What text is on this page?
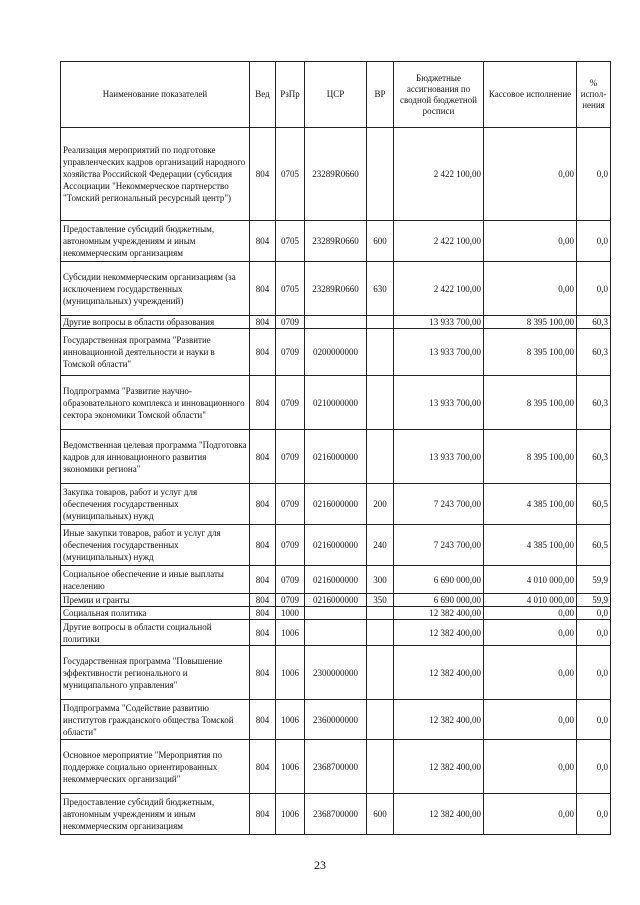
Наименование показателей	Вед	РзПр	ЦСР	ВР	Бюджетные ассигнования по сводной бюджетной росписи	Кассовое исполнение	% испол-нения
Реализация мероприятий по подготовке управленческих кадров организаций народного хозяйства Российской Федерации (субсидия Ассоциации "Некоммерческое партнерство "Томский региональный ресурсный центр")	804	0705	23289R0660		2 422 100,00	0,00	0,0
Предоставление субсидий бюджетным, автономным учреждениям и иным некоммерческим организациям	804	0705	23289R0660	600	2 422 100,00	0,00	0,0
Субсидии некоммерческим организациям (за исключением государственных (муниципальных) учреждений)	804	0705	23289R0660	630	2 422 100,00	0,00	0,0
Другие вопросы в области образования	804	0709			13 933 700,00	8 395 100,00	60,3
Государственная программа "Развитие инновационной деятельности и науки в Томской области"	804	0709	0200000000		13 933 700,00	8 395 100,00	60,3
Подпрограмма "Развитие научно-образовательного комплекса и инновационного сектора экономики Томской области"	804	0709	0210000000		13 933 700,00	8 395 100,00	60,3
Ведомственная целевая программа "Подготовка кадров для инновационного развития экономики региона"	804	0709	0216000000		13 933 700,00	8 395 100,00	60,3
Закупка товаров, работ и услуг для обеспечения государственных (муниципальных) нужд	804	0709	0216000000	200	7 243 700,00	4 385 100,00	60,5
Иные закупки товаров, работ и услуг для обеспечения государственных (муниципальных) нужд	804	0709	0216000000	240	7 243 700,00	4 385 100,00	60,5
Социальное обеспечение и иные выплаты населению	804	0709	0216000000	300	6 690 000,00	4 010 000,00	59,9
Премии и гранты	804	0709	0216000000	350	6 690 000,00	4 010 000,00	59,9
Социальная политика	804	1000			12 382 400,00	0,00	0,0
Другие вопросы в области социальной политики	804	1006			12 382 400,00	0,00	0,0
Государственная программа "Повышение эффективности регионального и муниципального управления"	804	1006	2300000000		12 382 400,00	0,00	0,0
Подпрограмма "Содействие развитию институтов гражданского общества Томской области"	804	1006	2360000000		12 382 400,00	0,00	0,0
Основное мероприятие "Мероприятия по поддержке социально ориентированных некоммерческих организаций"	804	1006	2368700000		12 382 400,00	0,00	0,0
Предоставление субсидий бюджетным, автономным учреждениям и иным некоммерческим организациям	804	1006	2368700000	600	12 382 400,00	0,00	0,0
23
